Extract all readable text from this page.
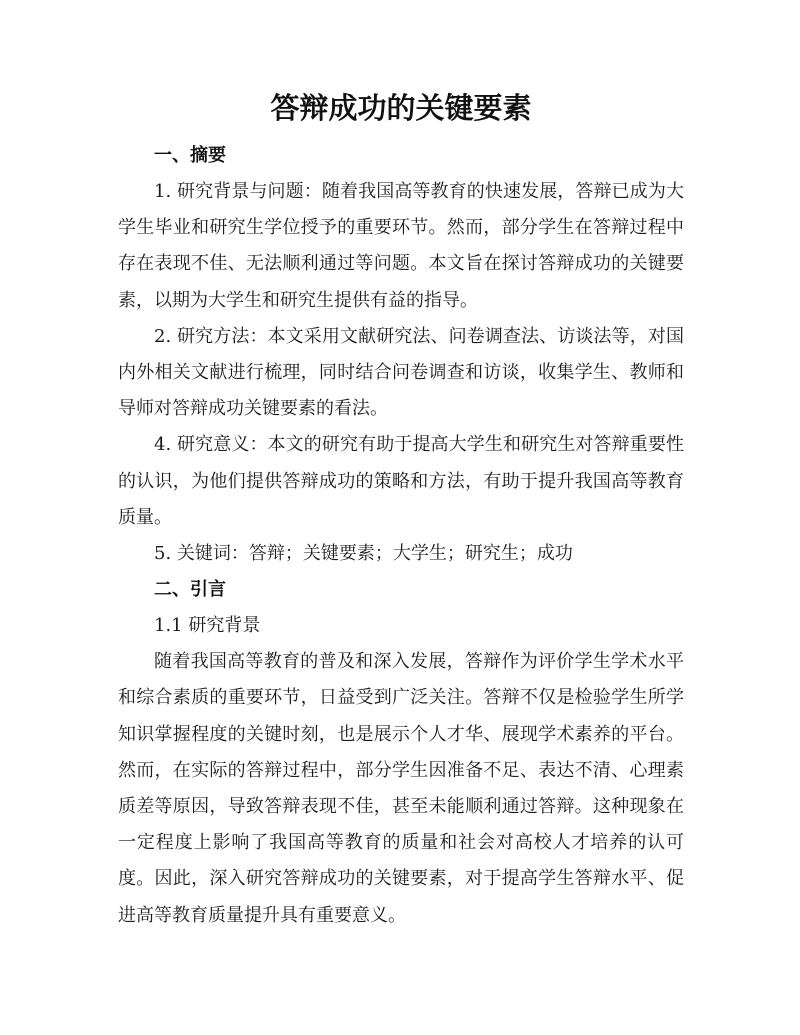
答辩成功的关键要素
一、摘要

1. 研究背景与问题：随着我国高等教育的快速发展，答辩已成为大学生毕业和研究生学位授予的重要环节。然而，部分学生在答辩过程中存在表现不佳、无法顺利通过等问题。本文旨在探讨答辩成功的关键要素，以期为大学生和研究生提供有益的指导。

2. 研究方法：本文采用文献研究法、问卷调查法、访谈法等，对国内外相关文献进行梳理，同时结合问卷调查和访谈，收集学生、教师和导师对答辩成功关键要素的看法。

4. 研究意义：本文的研究有助于提高大学生和研究生对答辩重要性的认识，为他们提供答辩成功的策略和方法，有助于提升我国高等教育质量。

5. 关键词：答辩；关键要素；大学生；研究生；成功

二、引言
1.1 研究背景

随着我国高等教育的普及和深入发展，答辩作为评价学生学术水平和综合素质的重要环节，日益受到广泛关注。答辩不仅是检验学生所学知识掌握程度的关键时刻，也是展示个人才华、展现学术素养的平台。然而，在实际的答辩过程中，部分学生因准备不足、表达不清、心理素质差等原因，导致答辩表现不佳，甚至未能顺利通过答辩。这种现象在一定程度上影响了我国高等教育的质量和社会对高校人才培养的认可度。因此，深入研究答辩成功的关键要素，对于提高学生答辩水平、促进高等教育质量提升具有重要意义。
